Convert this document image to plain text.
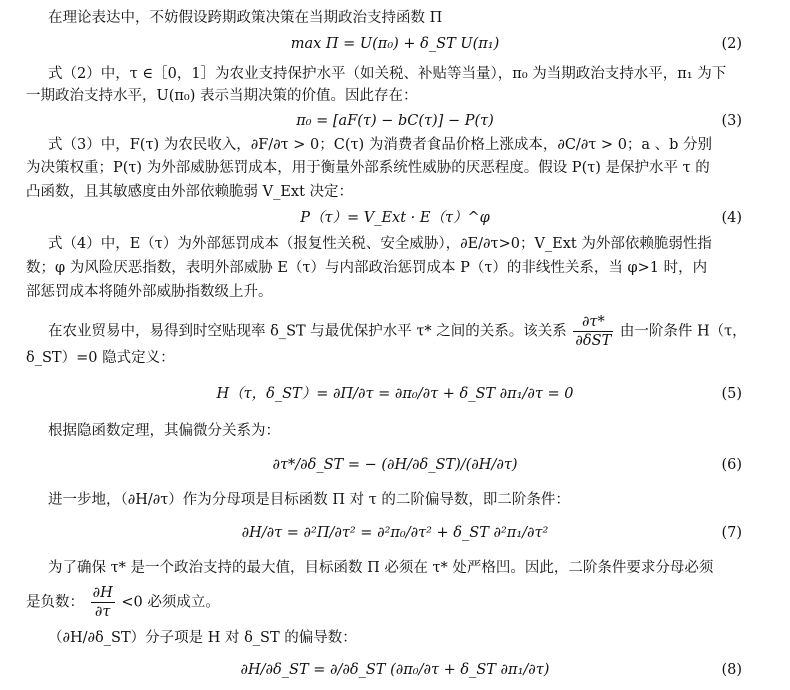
在理论表达中，不妨假设跨期政策决策在当期政治支持函数 Π
max Π = U(π₀) + δ_ST U(π₁)	(2)
式（2）中，τ ∈［0，1］为农业支持保护水平（如关税、补贴等当量），π₀ 为当期政治支持水平，π₁ 为下
一期政治支持水平，U(π₀) 表示当期决策的价值。因此存在：
π₀ = [aF(τ) − bC(τ)] − P(τ)	(3)
式（3）中，F(τ) 为农民收入，∂F/∂τ > 0；C(τ) 为消费者食品价格上涨成本，∂C/∂τ > 0；a 、b 分别
为决策权重；P(τ) 为外部威胁惩罚成本，用于衡量外部系统性威胁的厌恶程度。假设 P(τ) 是保护水平 τ 的
凸函数，且其敏感度由外部依赖脆弱 V_Ext 决定：
P（τ）= V_Ext · E（τ）^φ	(4)
式（4）中，E（τ）为外部惩罚成本（报复性关税、安全威胁），∂E/∂τ>0；V_Ext 为外部依赖脆弱性指
数；φ 为风险厌恶指数，表明外部威胁 E（τ）与内部政治惩罚成本 P（τ）的非线性关系，当 φ>1 时，内
部惩罚成本将随外部威胁指数级上升。
在农业贸易中，易得到时空贴现率 δ_ST 与最优保护水平 τ* 之间的关系。该关系 $\frac{\partial\tau*}{\text{∂δST}}$ 由一阶条件 H（τ，
δ_ST）=0 隐式定义：
H（τ，δ_ST）= ∂Π/∂τ = ∂π₀/∂τ + δ_ST ∂π₁/∂τ = 0	(5)
根据隐函数定理，其偏微分关系为：
∂τ*/∂δ_ST = − (∂H/∂δ_ST)/(∂H/∂τ)	(6)
进一步地，（∂H/∂τ）作为分母项是目标函数 Π 对 τ 的二阶偏导数，即二阶条件：
∂H/∂τ = ∂²Π/∂τ² = ∂²π₀/∂τ² + δ_ST ∂²π₁/∂τ²	(7)
为了确保 τ* 是一个政治支持的最大值，目标函数 Π 必须在 τ* 处严格凹。因此，二阶条件要求分母必须
是负数： $\frac{\partial H}{\partial\tau} <0$ 必须成立。
（∂H/∂δ_ST）分子项是 H 对 δ_ST 的偏导数：
∂H/∂δ_ST = ∂/∂δ_ST (∂π₀/∂τ + δ_ST ∂π₁/∂τ)	(8)
